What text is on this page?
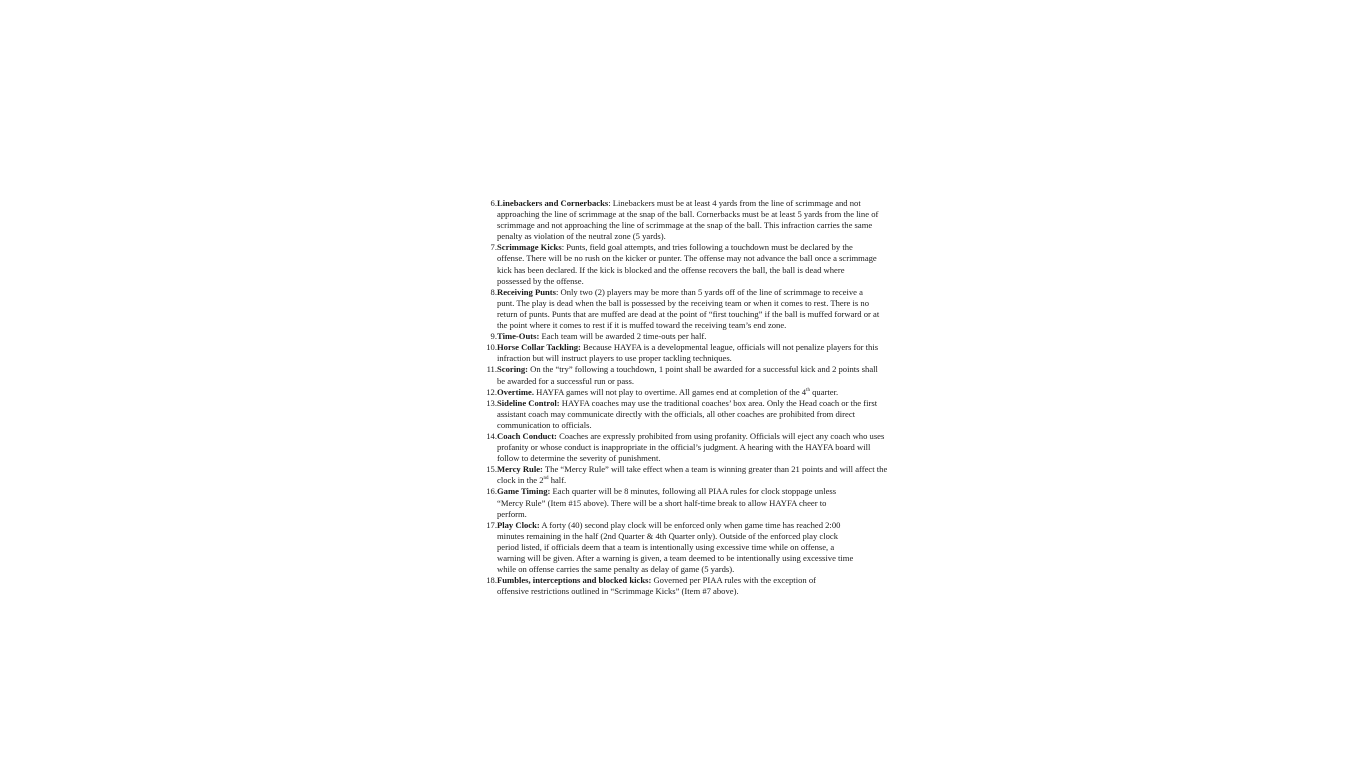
6. Linebackers and Cornerbacks: Linebackers must be at least 4 yards from the line of scrimmage and not approaching the line of scrimmage at the snap of the ball. Cornerbacks must be at least 5 yards from the line of scrimmage and not approaching the line of scrimmage at the snap of the ball. This infraction carries the same penalty as violation of the neutral zone (5 yards).
7. Scrimmage Kicks: Punts, field goal attempts, and tries following a touchdown must be declared by the offense. There will be no rush on the kicker or punter. The offense may not advance the ball once a scrimmage kick has been declared. If the kick is blocked and the offense recovers the ball, the ball is dead where possessed by the offense.
8. Receiving Punts: Only two (2) players may be more than 5 yards off of the line of scrimmage to receive a punt. The play is dead when the ball is possessed by the receiving team or when it comes to rest. There is no return of punts. Punts that are muffed are dead at the point of “first touching” if the ball is muffed forward or at the point where it comes to rest if it is muffed toward the receiving team’s end zone.
9. Time-Outs: Each team will be awarded 2 time-outs per half.
10. Horse Collar Tackling: Because HAYFA is a developmental league, officials will not penalize players for this infraction but will instruct players to use proper tackling techniques.
11. Scoring: On the “try” following a touchdown, 1 point shall be awarded for a successful kick and 2 points shall be awarded for a successful run or pass.
12. Overtime. HAYFA games will not play to overtime. All games end at completion of the 4th quarter.
13. Sideline Control: HAYFA coaches may use the traditional coaches’ box area. Only the Head coach or the first assistant coach may communicate directly with the officials, all other coaches are prohibited from direct communication to officials.
14. Coach Conduct: Coaches are expressly prohibited from using profanity. Officials will eject any coach who uses profanity or whose conduct is inappropriate in the official’s judgment. A hearing with the HAYFA board will follow to determine the severity of punishment.
15. Mercy Rule: The “Mercy Rule” will take effect when a team is winning greater than 21 points and will affect the clock in the 2nd half.
16. Game Timing: Each quarter will be 8 minutes, following all PIAA rules for clock stoppage unless “Mercy Rule” (Item #15 above). There will be a short half-time break to allow HAYFA cheer to perform.
17. Play Clock: A forty (40) second play clock will be enforced only when game time has reached 2:00 minutes remaining in the half (2nd Quarter & 4th Quarter only). Outside of the enforced play clock period listed, if officials deem that a team is intentionally using excessive time while on offense, a warning will be given. After a warning is given, a team deemed to be intentionally using excessive time while on offense carries the same penalty as delay of game (5 yards).
18. Fumbles, interceptions and blocked kicks: Governed per PIAA rules with the exception of offensive restrictions outlined in “Scrimmage Kicks” (Item #7 above).
